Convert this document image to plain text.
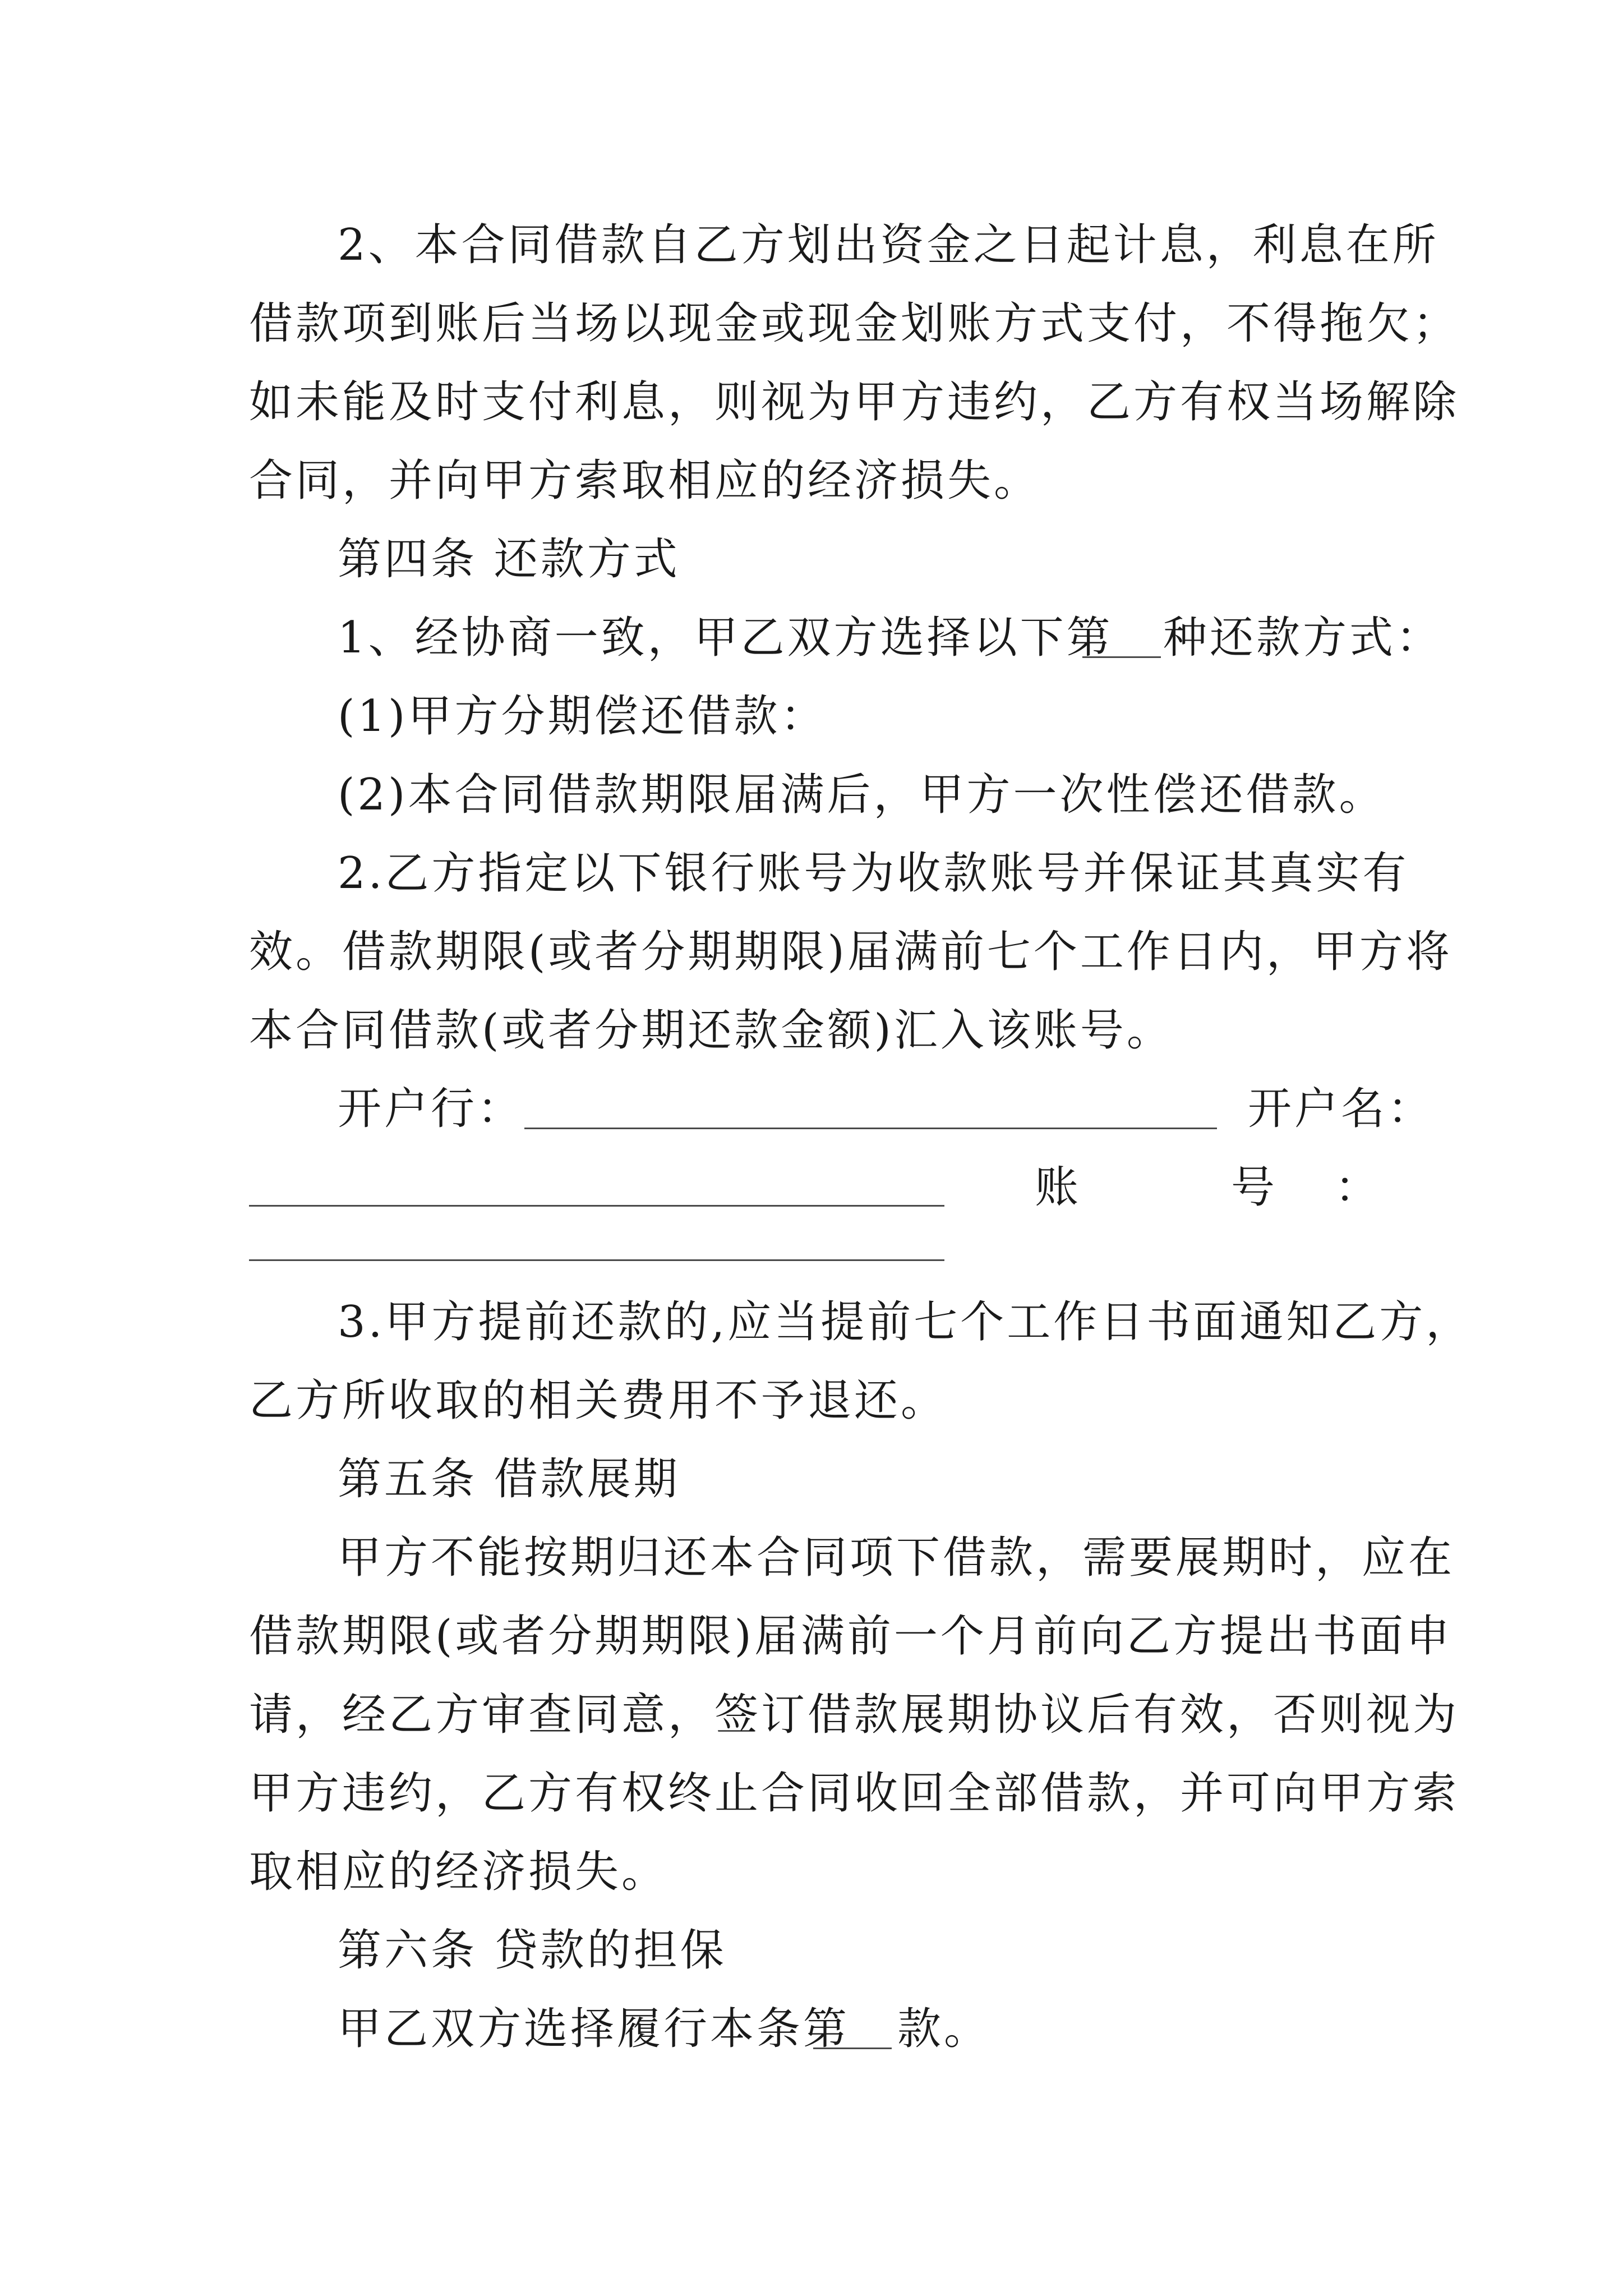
2、本合同借款自乙方划出资金之日起计息，利息在所
借款项到账后当场以现金或现金划账方式支付，不得拖欠；
如未能及时支付利息，则视为甲方违约，乙方有权当场解除
合同，并向甲方索取相应的经济损失。
第四条 还款方式
1、经协商一致，甲乙双方选择以下第 种还款方式：
(1)甲方分期偿还借款：
(2)本合同借款期限届满后，甲方一次性偿还借款。
2.乙方指定以下银行账号为收款账号并保证其真实有
效。借款期限(或者分期期限)届满前七个工作日内，甲方将
本合同借款(或者分期还款金额)汇入该账号。
开户行：	开户名：
账	号 ：
3.甲方提前还款的,应当提前七个工作日书面通知乙方，
乙方所收取的相关费用不予退还。
第五条 借款展期
甲方不能按期归还本合同项下借款，需要展期时，应在
借款期限(或者分期期限)届满前一个月前向乙方提出书面申
请，经乙方审查同意，签订借款展期协议后有效，否则视为
甲方违约，乙方有权终止合同收回全部借款，并可向甲方索
取相应的经济损失。
第六条 贷款的担保
甲乙双方选择履行本条第 款。
